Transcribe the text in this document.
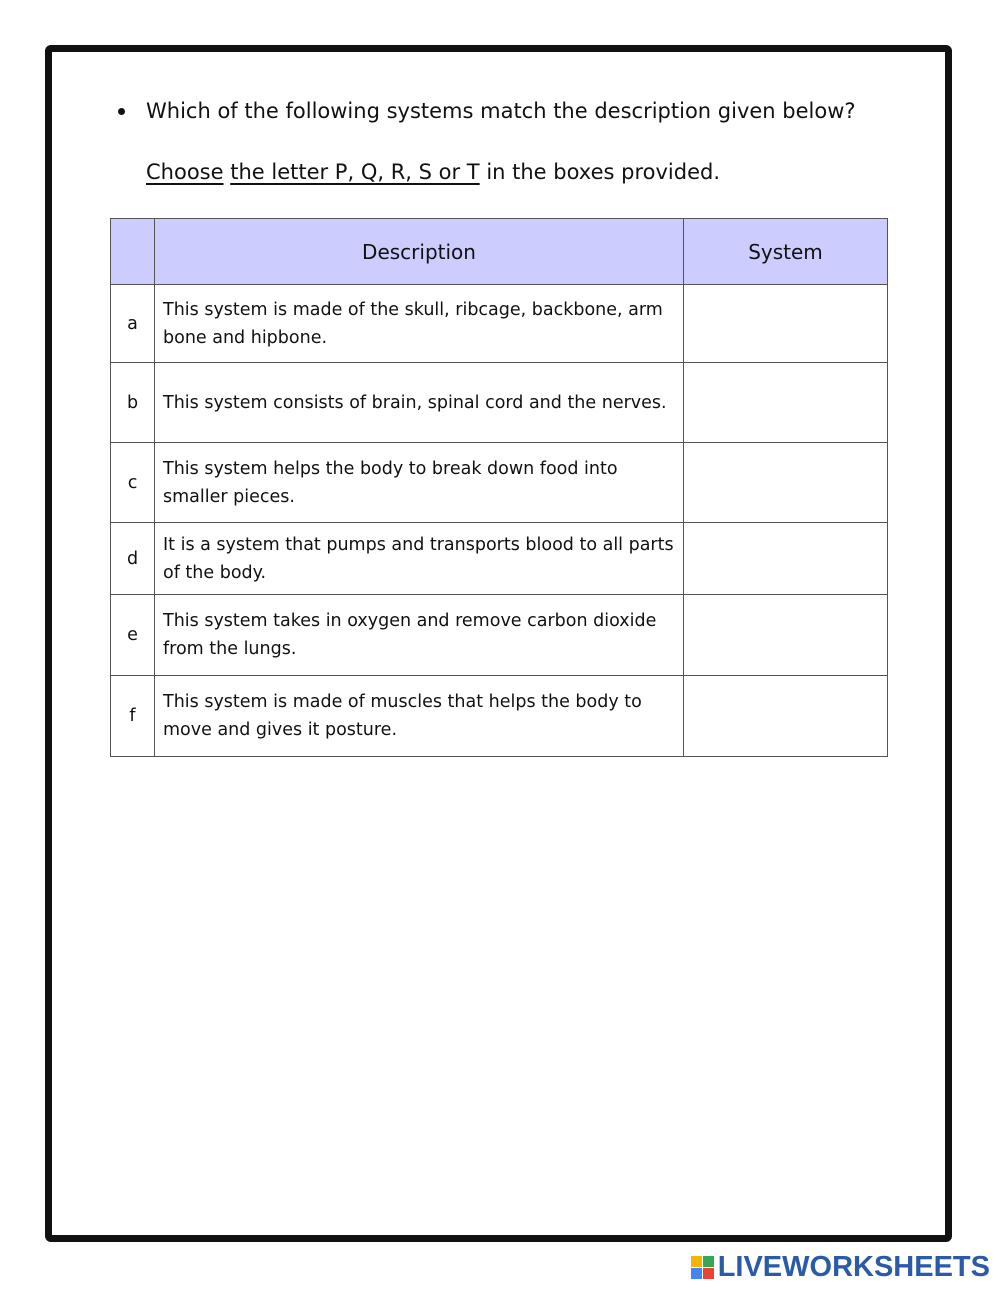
Which of the following systems match the description given below?
Choose the letter P, Q, R, S or T in the boxes provided.
	Description	System
a	This system is made of the skull, ribcage, backbone, arm bone and hipbone.	
b	This system consists of brain, spinal cord and the nerves.	
c	This system helps the body to break down food into smaller pieces.	
d	It is a system that pumps and transports blood to all parts of the body.	
e	This system takes in oxygen and remove carbon dioxide from the lungs.	
f	This system is made of muscles that helps the body to move and gives it posture.	
LIVEWORKSHEETS
